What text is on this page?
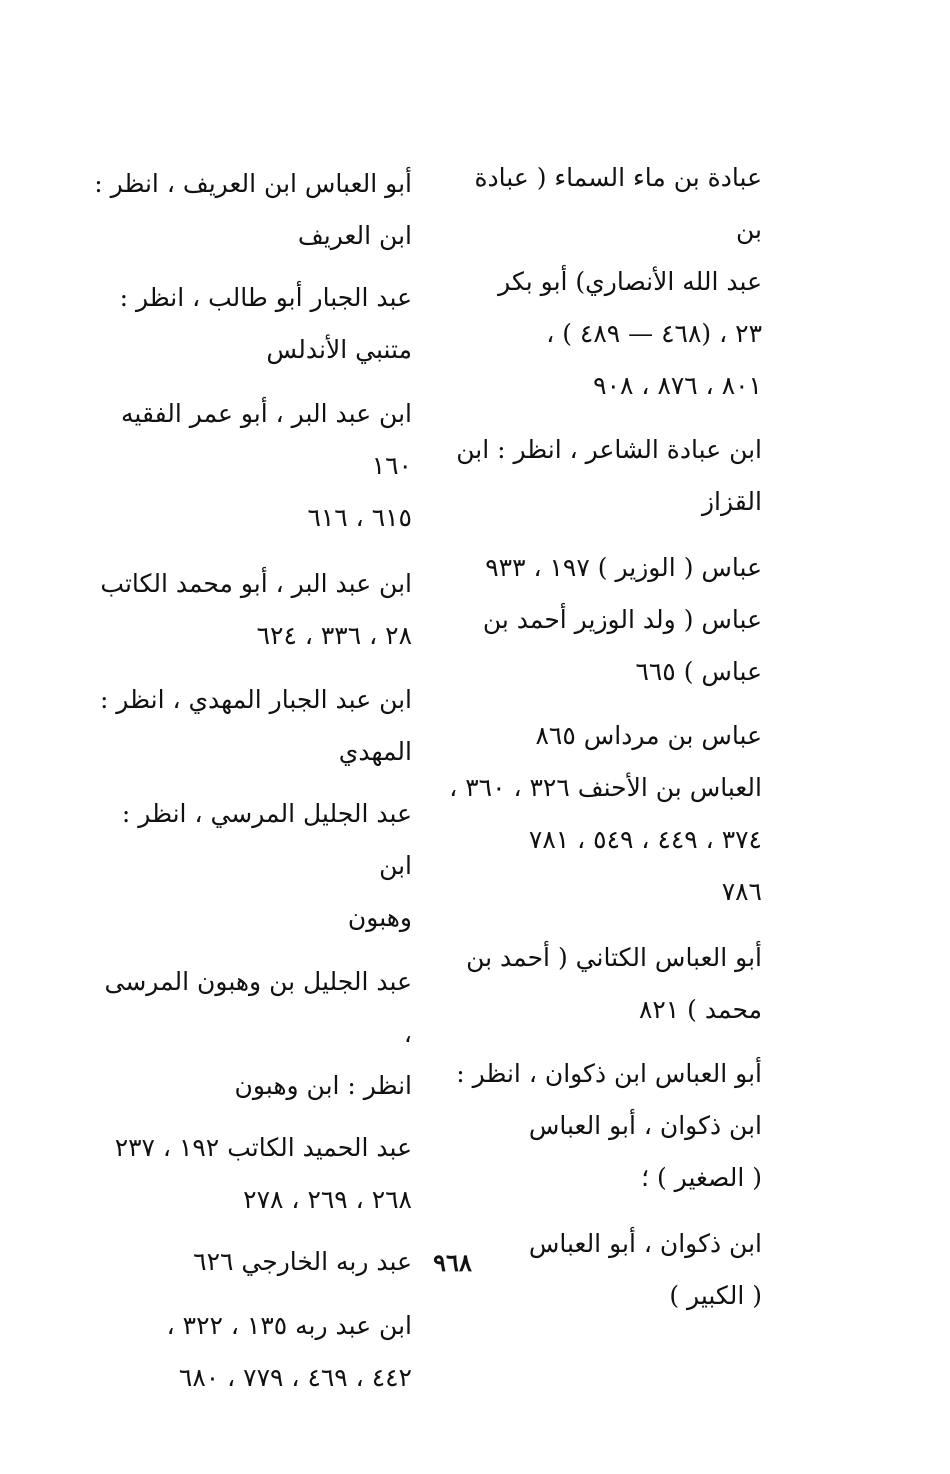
عبادة بن ماء السماء ( عبادة بن
عبد الله الأنصاري) أبو بكر
٢٣ ، (٤٦٨ — ٤٨٩ ) ،
٨٠١ ، ٨٧٦ ، ٩٠٨

ابن عبادة الشاعر ، انظر : ابن
القزاز

عباس ( الوزير ) ١٩٧ ، ٩٣٣
عباس ( ولد الوزير أحمد بن
عباس ) ٦٦٥

عباس بن مرداس ٨٦٥
العباس بن الأحنف ٣٢٦ ، ٣٦٠ ،
٣٧٤ ، ٤٤٩ ، ٥٤٩ ، ٧٨١
٧٨٦

أبو العباس الكتاني ( أحمد بن
محمد ) ٨٢١

أبو العباس ابن ذكوان ، انظر :
ابن ذكوان ، أبو العباس
( الصغير ) ؛

ابن ذكوان ، أبو العباس
( الكبير )

أبو العباس ابن العريف ، انظر :
ابن العريف

عبد الجبار أبو طالب ، انظر :
متنبي الأندلس

ابن عبد البر ، أبو عمر الفقيه ١٦٠
٦١٥ ، ٦١٦

ابن عبد البر ، أبو محمد الكاتب
٢٨ ، ٣٣٦ ، ٦٢٤

ابن عبد الجبار المهدي ، انظر :
المهدي

عبد الجليل المرسي ، انظر : ابن
وهبون

عبد الجليل بن وهبون المرسى ،
انظر : ابن وهبون

عبد الحميد الكاتب ١٩٢ ، ٢٣٧
٢٦٨ ، ٢٦٩ ، ٢٧٨

عبد ربه الخارجي ٦٢٦

ابن عبد ربه ١٣٥ ، ٣٢٢ ،
٤٤٢ ، ٤٦٩ ، ٧٧٩ ، ٦٨٠

٩٦٨
